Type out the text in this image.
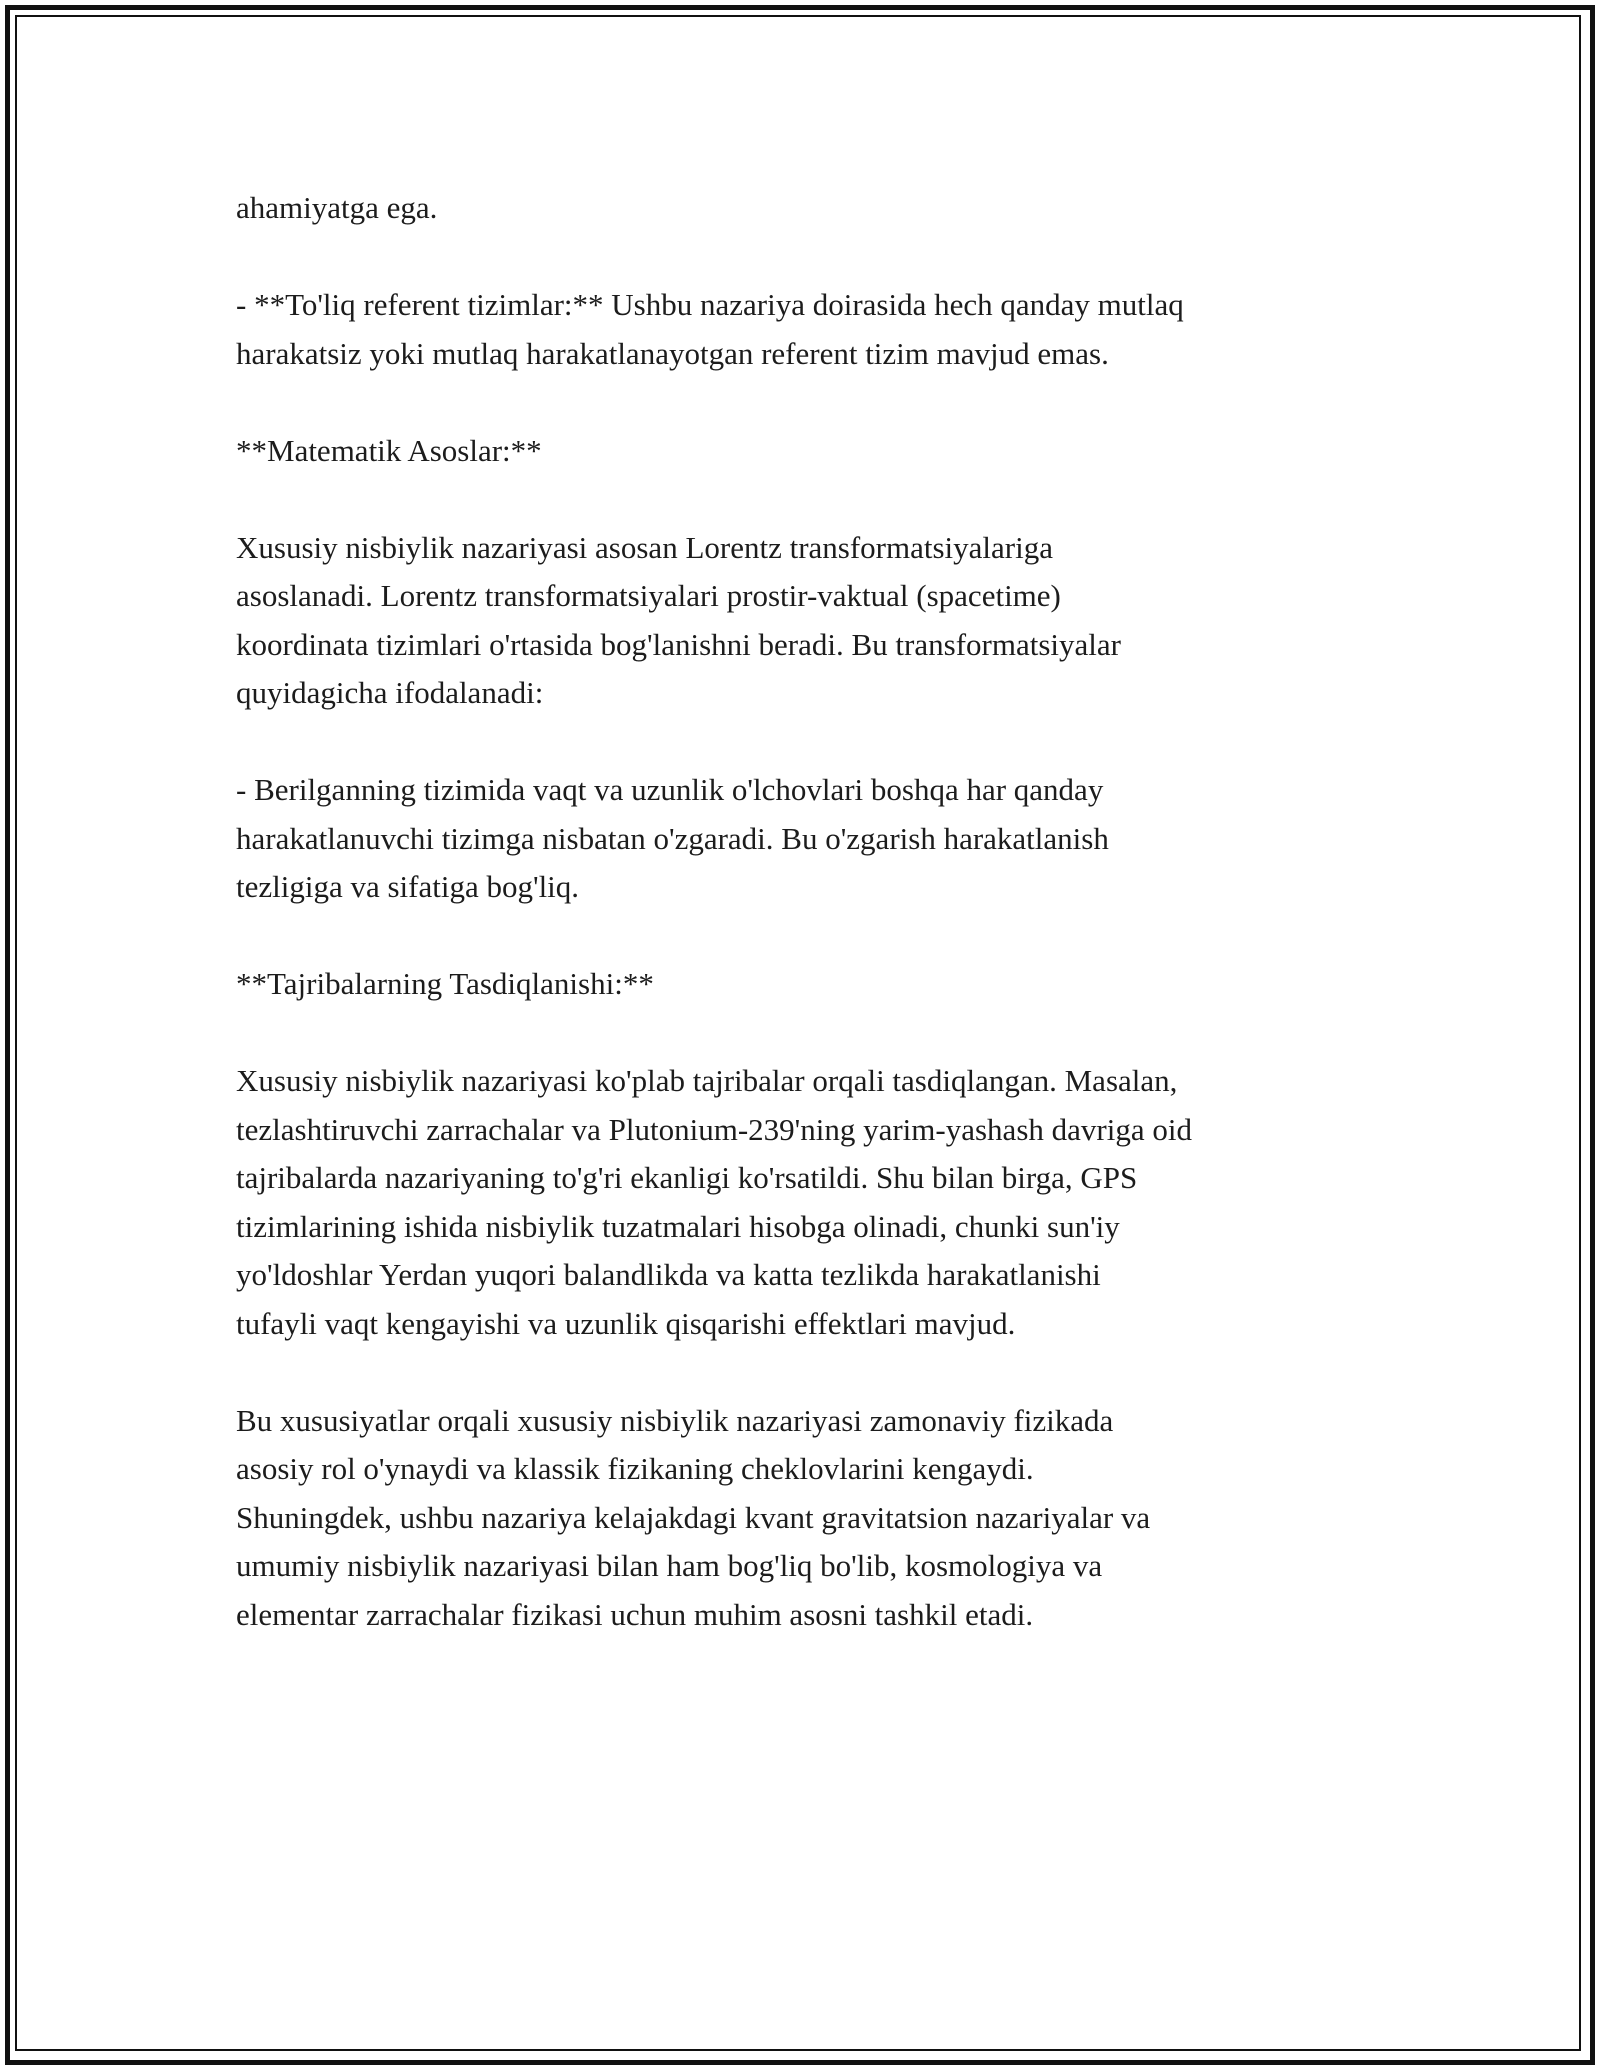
ahamiyatga ega.

- **To'liq referent tizimlar:** Ushbu nazariya doirasida hech qanday mutlaq
harakatsiz yoki mutlaq harakatlanayotgan referent tizim mavjud emas.

**Matematik Asoslar:**

Xususiy nisbiylik nazariyasi asosan Lorentz transformatsiyalariga
asoslanadi. Lorentz transformatsiyalari prostir-vaktual (spacetime)
koordinata tizimlari o'rtasida bog'lanishni beradi. Bu transformatsiyalar
quyidagicha ifodalanadi:

- Berilganning tizimida vaqt va uzunlik o'lchovlari boshqa har qanday
harakatlanuvchi tizimga nisbatan o'zgaradi. Bu o'zgarish harakatlanish
tezligiga va sifatiga bog'liq.

**Tajribalarning Tasdiqlanishi:**

Xususiy nisbiylik nazariyasi ko'plab tajribalar orqali tasdiqlangan. Masalan,
tezlashtiruvchi zarrachalar va Plutonium-239'ning yarim-yashash davriga oid
tajribalarda nazariyaning to'g'ri ekanligi ko'rsatildi. Shu bilan birga, GPS
tizimlarining ishida nisbiylik tuzatmalari hisobga olinadi, chunki sun'iy
yo'ldoshlar Yerdan yuqori balandlikda va katta tezlikda harakatlanishi
tufayli vaqt kengayishi va uzunlik qisqarishi effektlari mavjud.

Bu xususiyatlar orqali xususiy nisbiylik nazariyasi zamonaviy fizikada
asosiy rol o'ynaydi va klassik fizikaning cheklovlarini kengaydi.
Shuningdek, ushbu nazariya kelajakdagi kvant gravitatsion nazariyalar va
umumiy nisbiylik nazariyasi bilan ham bog'liq bo'lib, kosmologiya va
elementar zarrachalar fizikasi uchun muhim asosni tashkil etadi.
